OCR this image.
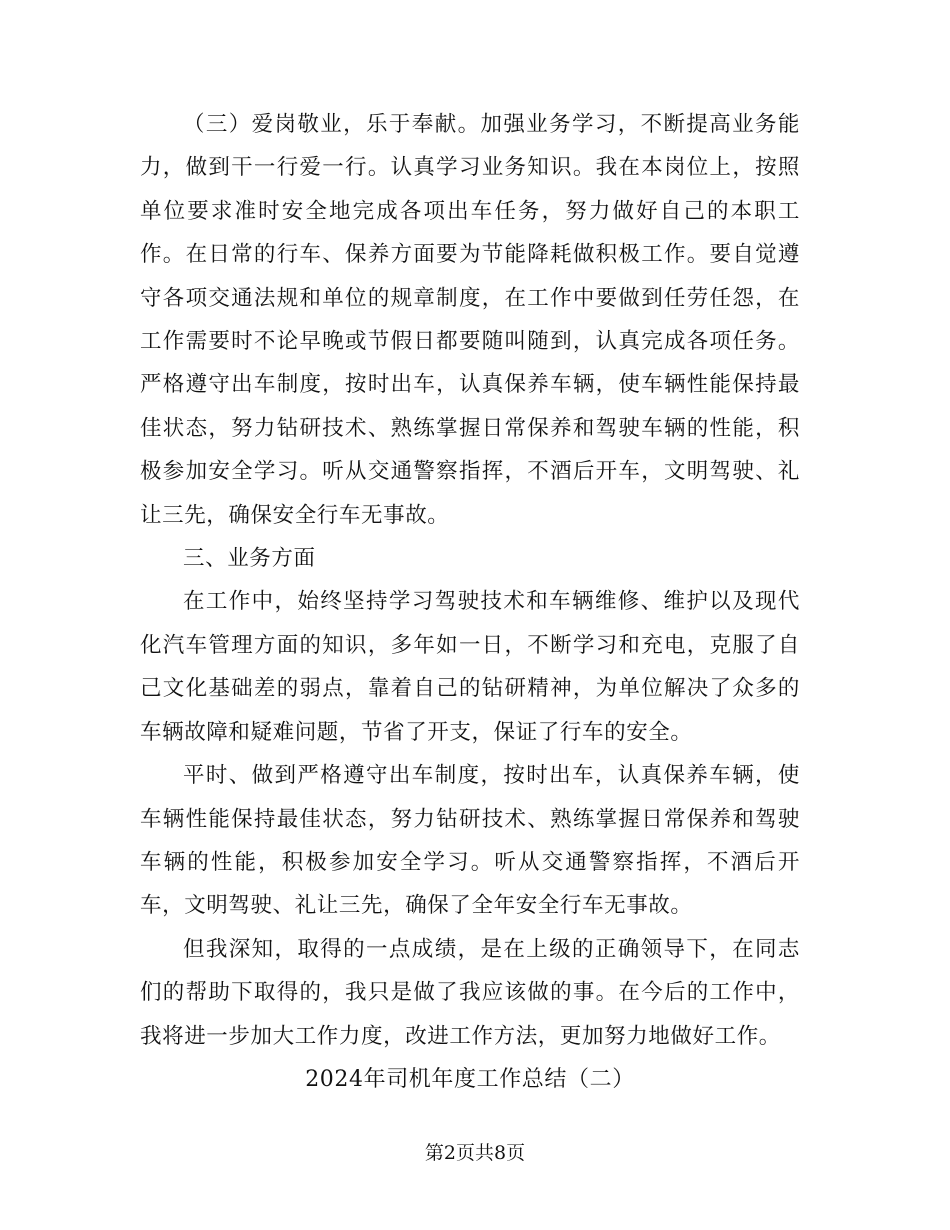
（三）爱岗敬业，乐于奉献。加强业务学习，不断提高业务能力，做到干一行爱一行。认真学习业务知识。我在本岗位上，按照单位要求准时安全地完成各项出车任务，努力做好自己的本职工作。在日常的行车、保养方面要为节能降耗做积极工作。要自觉遵守各项交通法规和单位的规章制度，在工作中要做到任劳任怨，在工作需要时不论早晚或节假日都要随叫随到，认真完成各项任务。严格遵守出车制度，按时出车，认真保养车辆，使车辆性能保持最佳状态，努力钻研技术、熟练掌握日常保养和驾驶车辆的性能，积极参加安全学习。听从交通警察指挥，不酒后开车，文明驾驶、礼让三先，确保安全行车无事故。

三、业务方面

在工作中，始终坚持学习驾驶技术和车辆维修、维护以及现代化汽车管理方面的知识，多年如一日，不断学习和充电，克服了自己文化基础差的弱点，靠着自己的钻研精神，为单位解决了众多的车辆故障和疑难问题，节省了开支，保证了行车的安全。

平时、做到严格遵守出车制度，按时出车，认真保养车辆，使车辆性能保持最佳状态，努力钻研技术、熟练掌握日常保养和驾驶车辆的性能，积极参加安全学习。听从交通警察指挥，不酒后开车，文明驾驶、礼让三先，确保了全年安全行车无事故。

但我深知，取得的一点成绩，是在上级的正确领导下，在同志们的帮助下取得的，我只是做了我应该做的事。在今后的工作中，我将进一步加大工作力度，改进工作方法，更加努力地做好工作。

2024年司机年度工作总结（二）

第2页共8页
